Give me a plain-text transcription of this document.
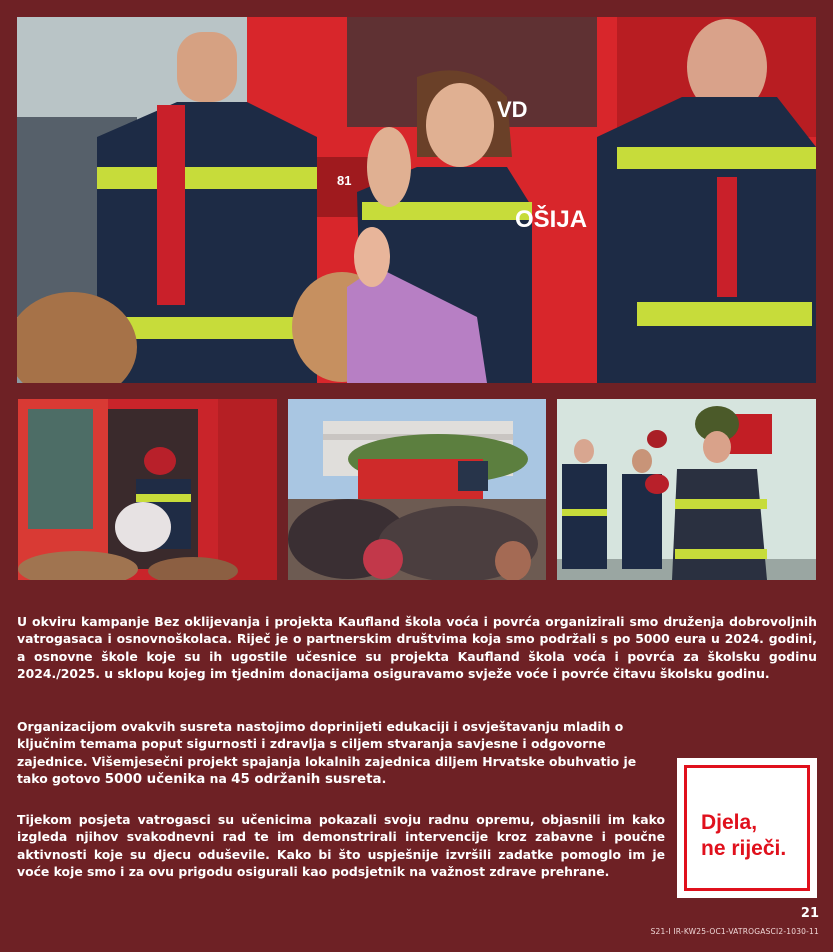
VD
OŠIJA
81

U okviru kampanje Bez oklijevanja i projekta Kaufland škola voća i povrća organizirali smo druženja dobrovoljnih vatrogasaca i osnovnoškolaca. Riječ je o partnerskim društvima koja smo podržali s po 5000 eura u 2024. godini, a osnovne škole koje su ih ugostile učesnice su projekta Kaufland škola voća i povrća za školsku godinu 2024./2025. u sklopu kojeg im tjednim donacijama osiguravamo svježe voće i povrće čitavu školsku godinu.

Organizacijom ovakvih susreta nastojimo doprinijeti edukaciji i osvještavanju mladih o ključnim temama poput sigurnosti i zdravlja s ciljem stvaranja savjesne i odgovorne zajednice. Višemjesečni projekt spajanja lokalnih zajednica diljem Hrvatske obuhvatio je tako gotovo 5000 učenika na 45 održanih susreta.

Tijekom posjeta vatrogasci su učenicima pokazali svoju radnu opremu, objasnili im kako izgleda njihov svakodnevni rad te im demonstrirali intervencije kroz zabavne i poučne aktivnosti koje su djecu oduševile. Kako bi što uspješnije izvršili zadatke pomoglo im je voće koje smo i za ovu prigodu osigurali kao podsjetnik na važnost zdrave prehrane.

Djela,
ne riječi.
21
S21-I IR-KW25-OC1-VATROGASCI2-1030-11
